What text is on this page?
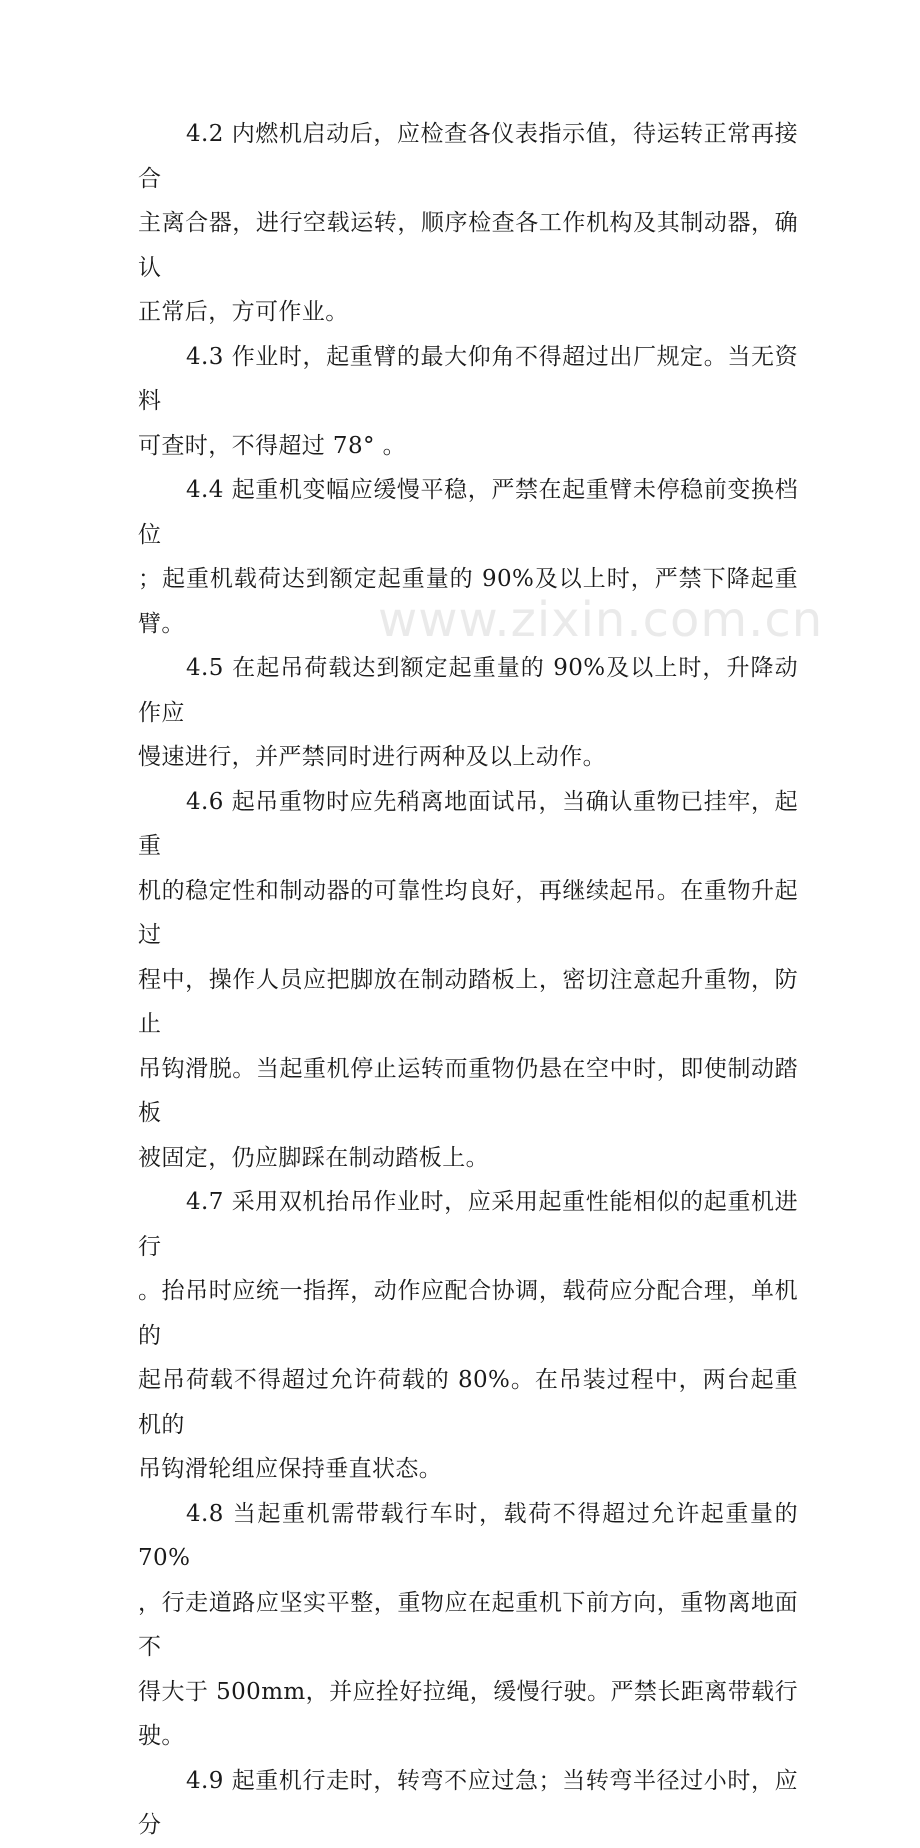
4.2 内燃机启动后，应检查各仪表指示值，待运转正常再接合
主离合器，进行空载运转，顺序检查各工作机构及其制动器，确认
正常后，方可作业。

4.3 作业时，起重臂的最大仰角不得超过出厂规定。当无资料
可查时，不得超过 78° 。

4.4 起重机变幅应缓慢平稳，严禁在起重臂未停稳前变换档位
；起重机载荷达到额定起重量的 90%及以上时，严禁下降起重臂。

4.5 在起吊荷载达到额定起重量的 90%及以上时，升降动作应
慢速进行，并严禁同时进行两种及以上动作。

4.6 起吊重物时应先稍离地面试吊，当确认重物已挂牢，起重
机的稳定性和制动器的可靠性均良好，再继续起吊。在重物升起过
程中，操作人员应把脚放在制动踏板上，密切注意起升重物，防止
吊钩滑脱。当起重机停止运转而重物仍悬在空中时，即使制动踏板
被固定，仍应脚踩在制动踏板上。

4.7 采用双机抬吊作业时，应采用起重性能相似的起重机进行
。抬吊时应统一指挥，动作应配合协调，载荷应分配合理，单机的
起吊荷载不得超过允许荷载的 80%。在吊装过程中，两台起重机的
吊钩滑轮组应保持垂直状态。

4.8 当起重机需带载行车时，载荷不得超过允许起重量的 70%
，行走道路应坚实平整，重物应在起重机下前方向，重物离地面不
得大于 500mm，并应拴好拉绳，缓慢行驶。严禁长距离带载行驶。

4.9 起重机行走时，转弯不应过急；当转弯半径过小时，应分

www.zixin.com.cn
